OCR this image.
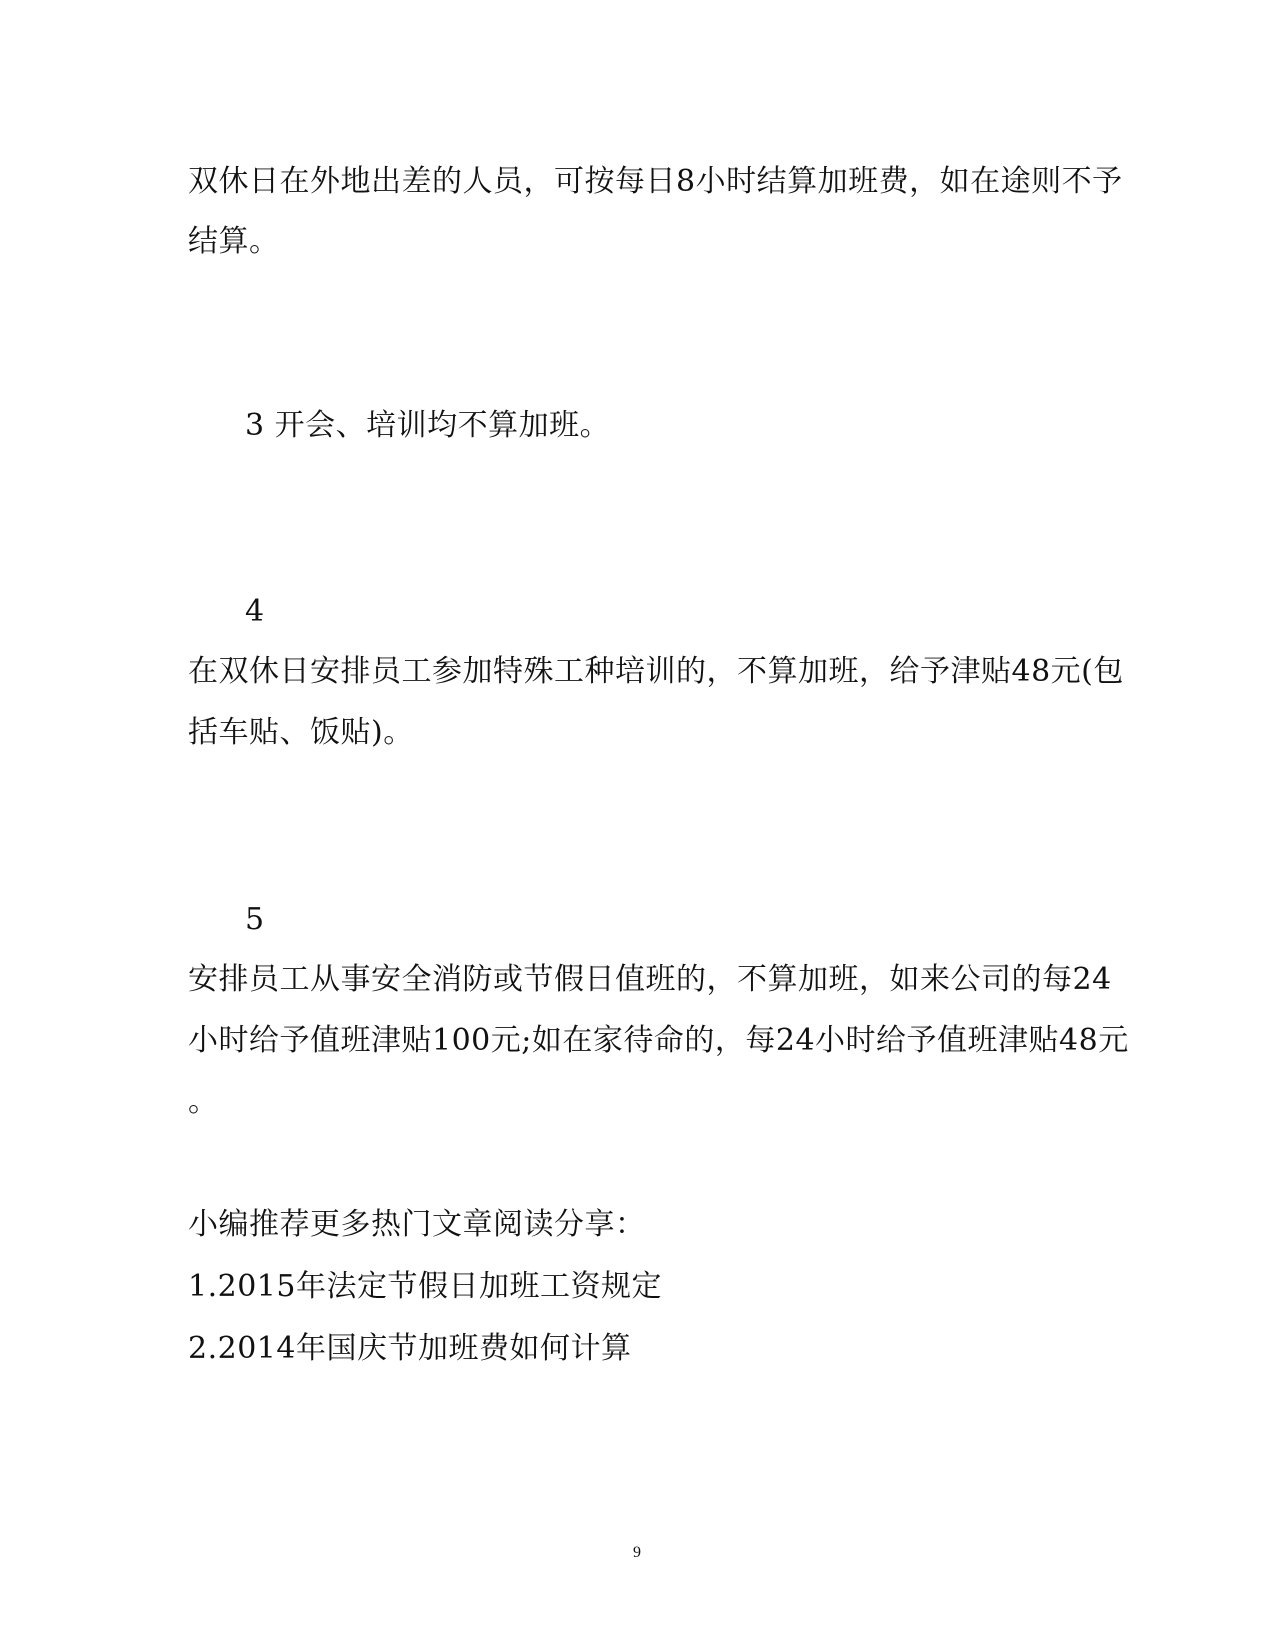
双休日在外地出差的人员，可按每日8小时结算加班费，如在途则不予
结算。
3 开会、培训均不算加班。
4
在双休日安排员工参加特殊工种培训的，不算加班，给予津贴48元(包
括车贴、饭贴)。
5
安排员工从事安全消防或节假日值班的，不算加班，如来公司的每24
小时给予值班津贴100元;如在家待命的，每24小时给予值班津贴48元
。
小编推荐更多热门文章阅读分享：
1.2015年法定节假日加班工资规定
2.2014年国庆节加班费如何计算
9
